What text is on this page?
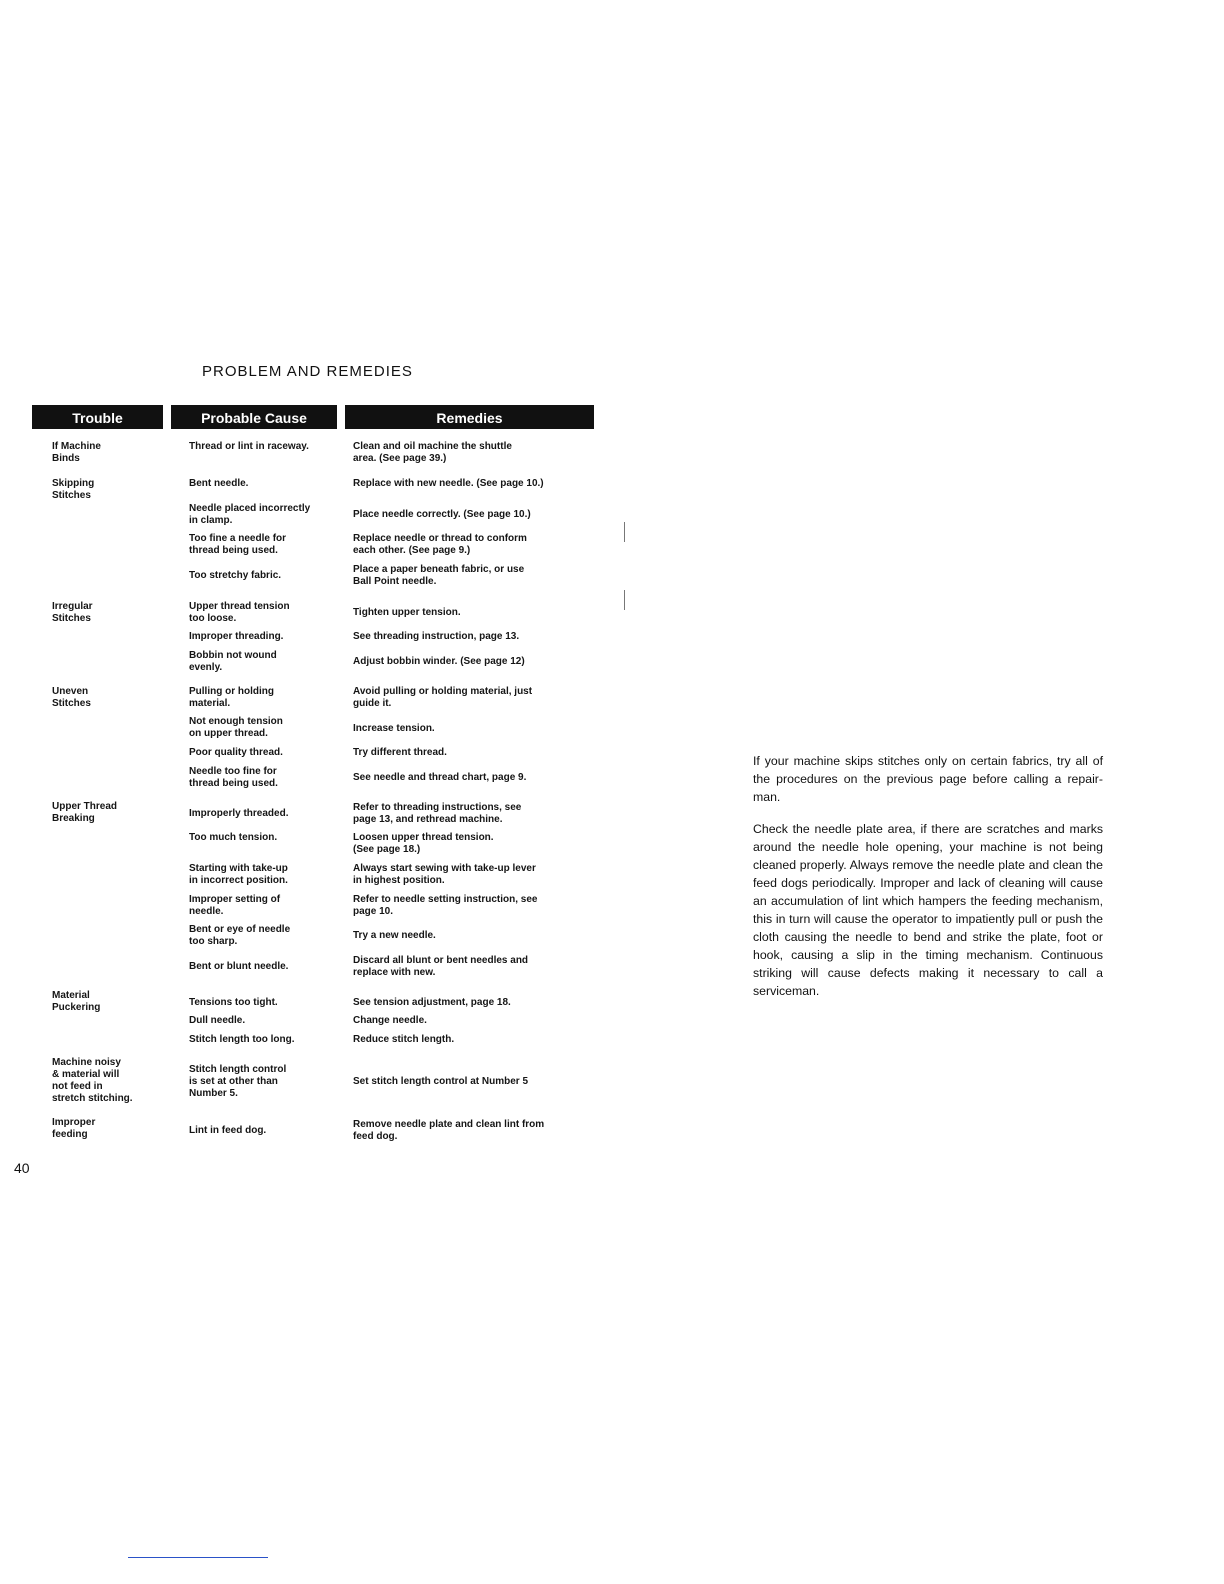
PROBLEM AND REMEDIES
Trouble	Probable Cause	Remedies
If Machine
Binds
Skipping
Stitches
Irregular
Stitches
Uneven
Stitches
Upper Thread
Breaking
Material
Puckering
Machine noisy
& material will
not feed in
stretch stitching.
Improper
feeding
Thread or lint in raceway.
Bent needle.
Needle placed incorrectly
in clamp.
Too fine a needle for
thread being used.
Too stretchy fabric.
Upper thread tension
too loose.
Improper threading.
Bobbin not wound
evenly.
Pulling or holding
material.
Not enough tension
on upper thread.
Poor quality thread.
Needle too fine for
thread being used.
Improperly threaded.
Too much tension.
Starting with take-up
in incorrect position.
Improper setting of
needle.
Bent or eye of needle
too sharp.
Bent or blunt needle.
Tensions too tight.
Dull needle.
Stitch length too long.
Stitch length control
is set at other than
Number 5.
Lint in feed dog.
Clean and oil machine the shuttle
area. (See page 39.)
Replace with new needle. (See page 10.)
Place needle correctly. (See page 10.)
Replace needle or thread to conform
each other. (See page 9.)
Place a paper beneath fabric, or use
Ball Point needle.
Tighten upper tension.
See threading instruction, page 13.
Adjust bobbin winder. (See page 12)
Avoid pulling or holding material, just
guide it.
Increase tension.
Try different thread.
See needle and thread chart, page 9.
Refer to threading instructions, see
page 13, and rethread machine.
Loosen upper thread tension.
(See page 18.)
Always start sewing with take-up lever
in highest position.
Refer to needle setting instruction, see
page 10.
Try a new needle.
Discard all blunt or bent needles and
replace with new.
See tension adjustment, page 18.
Change needle.
Reduce stitch length.
Set stitch length control at Number 5
Remove needle plate and clean lint from
feed dog.

If your machine skips stitches only on certain fabrics, try all of the procedures on the previous page before calling a repair-man.

Check the needle plate area, if there are scratches and marks around the needle hole opening, your machine is not being cleaned properly. Always remove the needle plate and clean the feed dogs periodically. Improper and lack of cleaning will cause an accumulation of lint which hampers the feeding mechanism, this in turn will cause the operator to impatiently pull or push the cloth causing the needle to bend and strike the plate, foot or hook, causing a slip in the timing mechanism. Continuous striking will cause defects making it necessary to call a serviceman.

40
